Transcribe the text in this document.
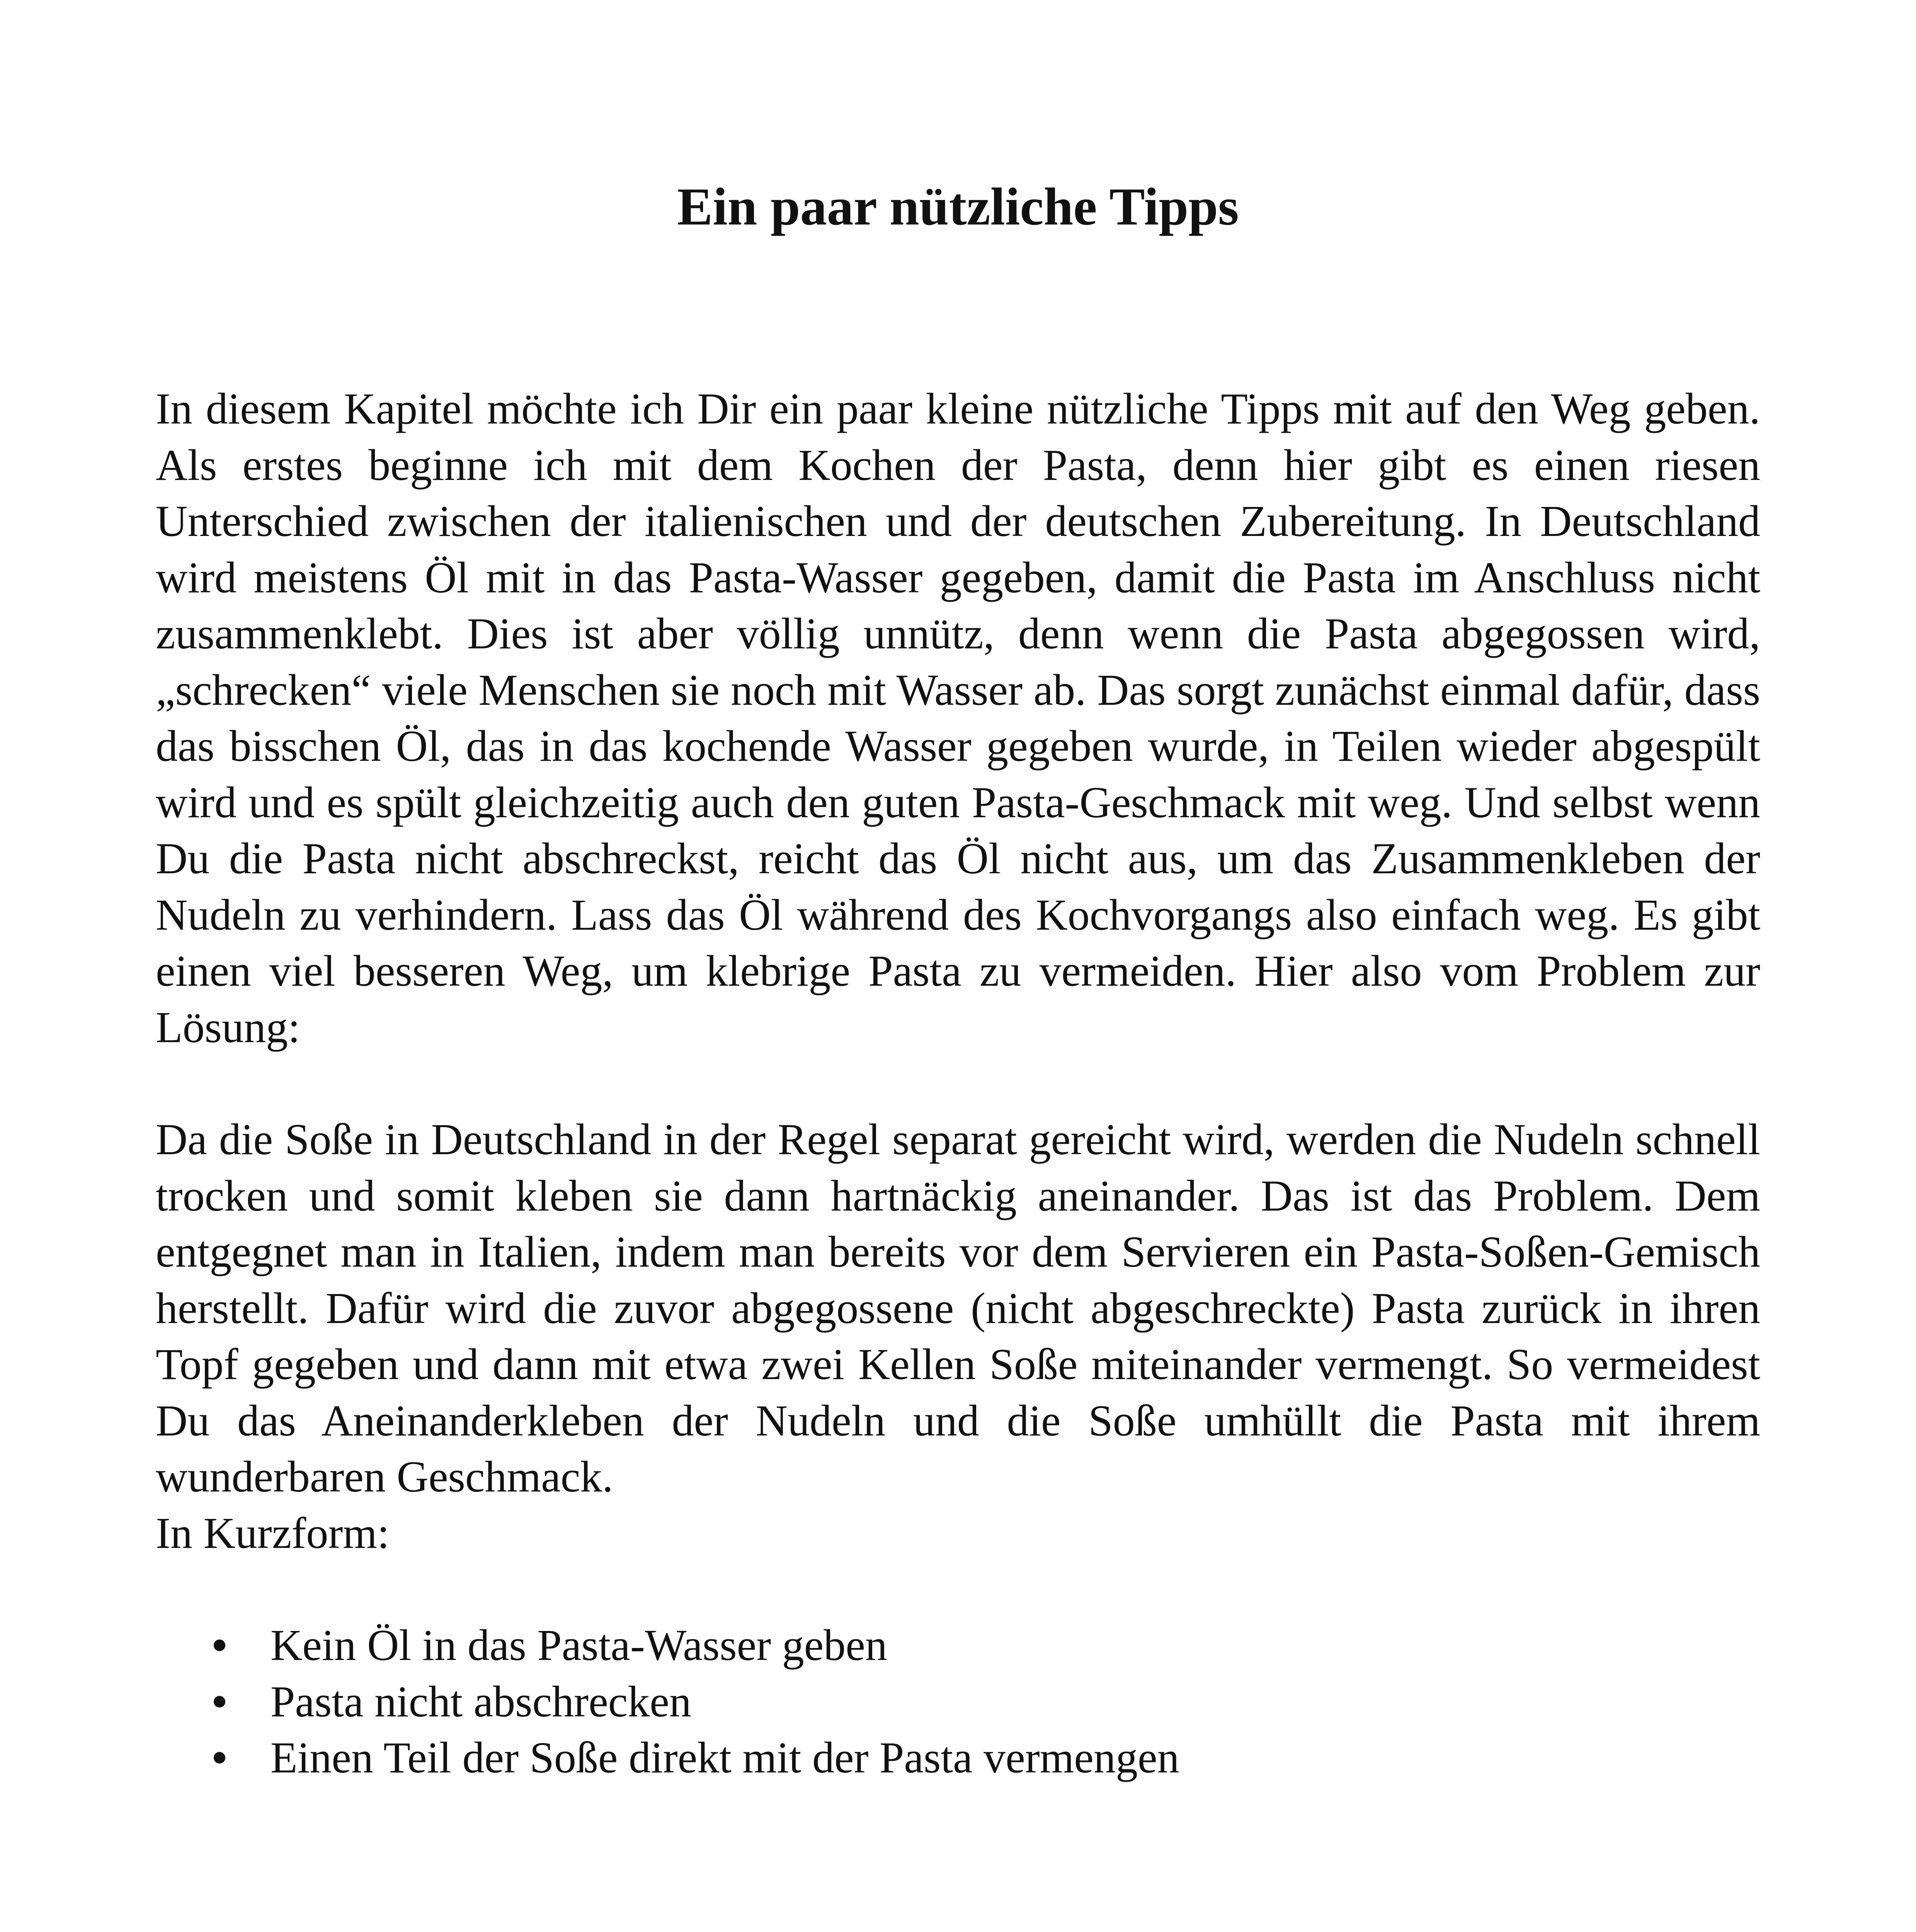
Ein paar nützliche Tipps

In diesem Kapitel möchte ich Dir ein paar kleine nützliche Tipps mit auf den Weg geben. Als erstes beginne ich mit dem Kochen der Pasta, denn hier gibt es einen riesen Unterschied zwischen der italienischen und der deutschen Zubereitung. In Deutschland wird meistens Öl mit in das Pasta-Wasser gegeben, damit die Pasta im Anschluss nicht zusammenklebt. Dies ist aber völlig unnütz, denn wenn die Pasta abgegossen wird, „schrecken“ viele Menschen sie noch mit Wasser ab. Das sorgt zunächst einmal dafür, dass das bisschen Öl, das in das kochende Wasser gegeben wurde, in Teilen wieder abgespült wird und es spült gleichzeitig auch den guten Pasta-Geschmack mit weg. Und selbst wenn Du die Pasta nicht abschreckst, reicht das Öl nicht aus, um das Zusammenkleben der Nudeln zu verhindern. Lass das Öl während des Kochvorgangs also einfach weg. Es gibt einen viel besseren Weg, um klebrige Pasta zu vermeiden. Hier also vom Problem zur Lösung:

Da die Soße in Deutschland in der Regel separat gereicht wird, werden die Nudeln schnell trocken und somit kleben sie dann hartnäckig aneinander. Das ist das Problem. Dem entgegnet man in Italien, indem man bereits vor dem Servieren ein Pasta-Soßen-Gemisch herstellt. Dafür wird die zuvor abgegossene (nicht abgeschreckte) Pasta zurück in ihren Topf gegeben und dann mit etwa zwei Kellen Soße miteinander vermengt. So vermeidest Du das Aneinanderkleben der Nudeln und die Soße umhüllt die Pasta mit ihrem wunderbaren Geschmack.

In Kurzform:

Kein Öl in das Pasta-Wasser geben
Pasta nicht abschrecken
Einen Teil der Soße direkt mit der Pasta vermengen
